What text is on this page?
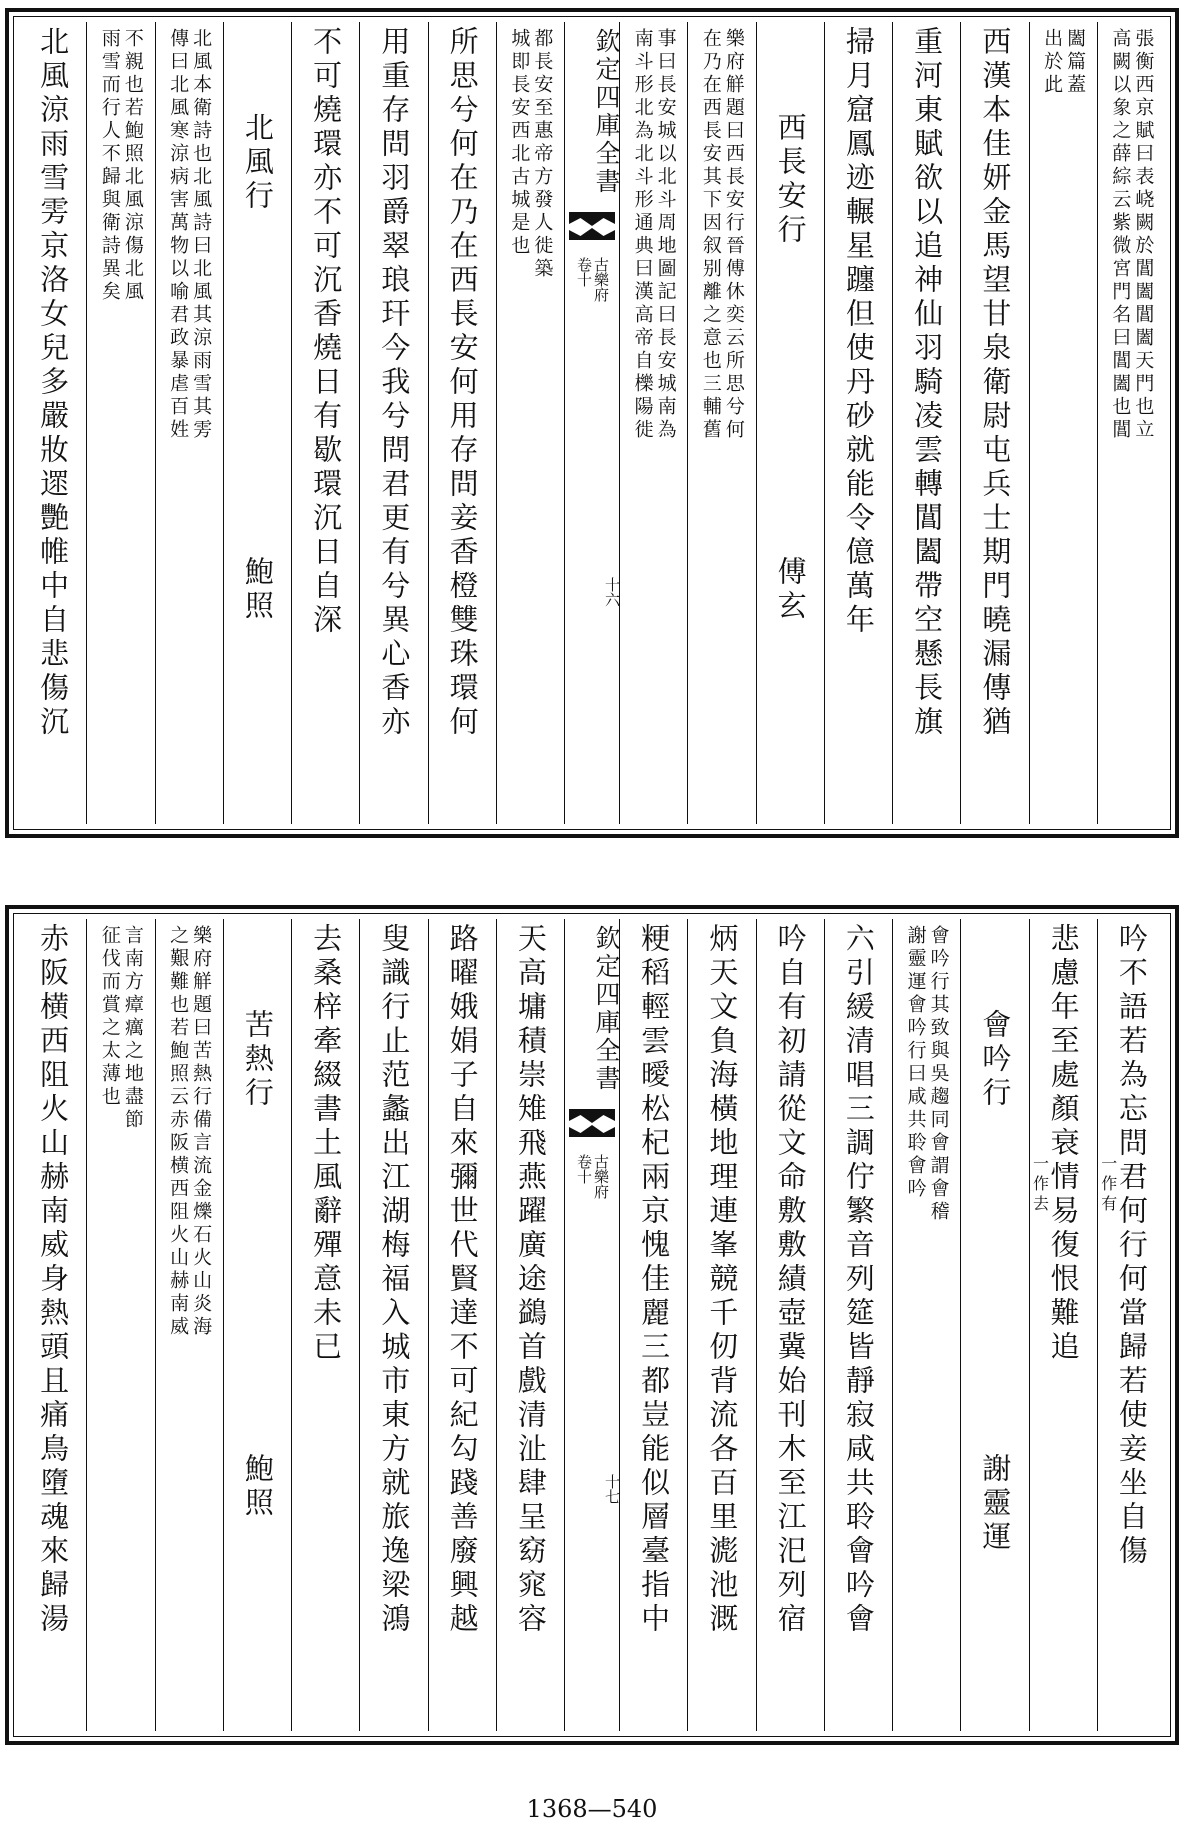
張衡西京賦曰表峣闕於閶闔閶闔天門也立
高闕以象之薛綜云紫微宮門名曰閶闔也閶
闔篇蓋
出於此
西漢本佳妍金馬望甘泉衛尉屯兵士期門曉漏傳猶
重河東賦欲以追神仙羽騎凌雲轉閶闔帶空懸長旗
掃月窟鳳迹輾星躔但使丹砂就能令億萬年
西長安行
傅玄
樂府觧題曰西長安行晉傅休奕云所思兮何
在乃在西長安其下因叙别離之意也三輔舊
事曰長安城以北斗周地圖記曰長安城南為
南斗形北為北斗形通典曰漢高帝自櫟陽徙
欽定四庫全書
古樂府
卷十
十六
都長安至惠帝方發人徙築
城即長安西北古城是也
所思兮何在乃在西長安何用存問妾香橙雙珠環何
用重存問羽爵翠琅玕今我兮問君更有兮異心香亦
不可燒環亦不可沉香燒日有歇環沉日自深
北風行
鮑照
北風本衛詩也北風詩曰北風其涼雨雪其雱
傳曰北風寒涼病害萬物以喻君政暴虐百姓
不親也若鮑照北風涼傷北風
雨雪而行人不歸與衛詩異矣
北風涼雨雪雱京洛女兒多嚴妝遝艷帷中自悲傷沉
吟不語若為忘問君何行何當歸若使妾坐自傷
一作有
悲慮年至處顏衰情易復恨難追
一作去
會吟行
謝靈運
會吟行其致與吳趨同會謂會稽
謝靈運會吟行曰咸共聆會吟
六引緩清唱三調佇繁音列筵皆靜寂咸共聆會吟會
吟自有初請從文命敷敷績壺冀始刊木至江汜列宿
炳天文負海橫地理連峯競千仞背流各百里滮池溉
粳稻輕雲曖松杞兩京愧佳麗三都豈能似層臺指中
欽定四庫全書
古樂府
卷十
十七
天高墉積崇雉飛燕躍廣途鷁首戲清沚肆呈窈窕容
路曜娥娟子自來彌世代賢達不可紀勾踐善廢興越
叟識行止范蠡出江湖梅福入城市東方就旅逸梁鴻
去桑梓牽綴書土風辭殫意未已
苦熱行
鮑照
樂府觧題曰苦熱行備言流金爍石火山炎海
之艱難也若鮑照云赤阪横西阻火山赫南威
言南方瘴癘之地盡節
征伐而賞之太薄也
赤阪横西阻火山赫南威身熱頭且痛鳥墮魂來歸湯
1368—540
